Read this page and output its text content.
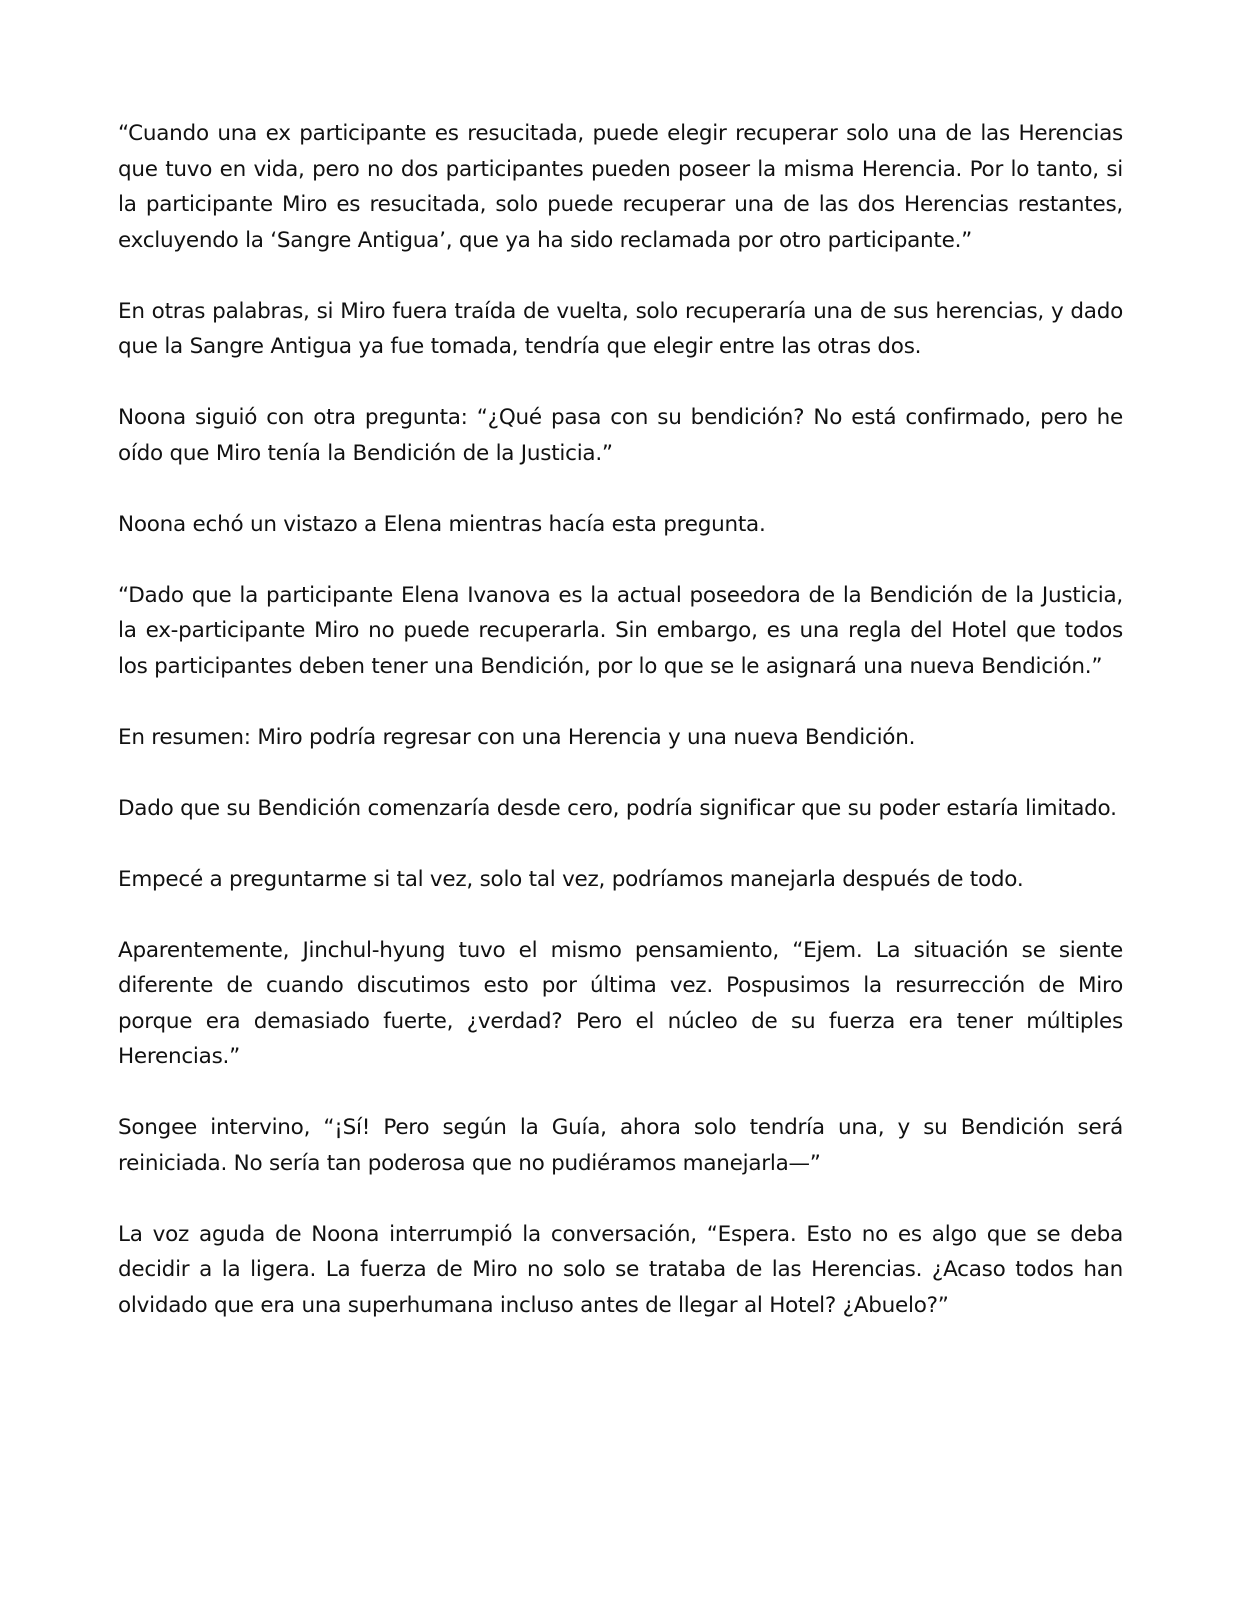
“Cuando una ex participante es resucitada, puede elegir recuperar solo una de las Herencias que tuvo en vida, pero no dos participantes pueden poseer la misma Herencia. Por lo tanto, si la participante Miro es resucitada, solo puede recuperar una de las dos Herencias restantes, excluyendo la ‘Sangre Antigua’, que ya ha sido reclamada por otro participante.”

En otras palabras, si Miro fuera traída de vuelta, solo recuperaría una de sus herencias, y dado que la Sangre Antigua ya fue tomada, tendría que elegir entre las otras dos.

Noona siguió con otra pregunta: “¿Qué pasa con su bendición? No está confirmado, pero he oído que Miro tenía la Bendición de la Justicia.”

Noona echó un vistazo a Elena mientras hacía esta pregunta.

“Dado que la participante Elena Ivanova es la actual poseedora de la Bendición de la Justicia, la ex-participante Miro no puede recuperarla. Sin embargo, es una regla del Hotel que todos los participantes deben tener una Bendición, por lo que se le asignará una nueva Bendición.”

En resumen: Miro podría regresar con una Herencia y una nueva Bendición.

Dado que su Bendición comenzaría desde cero, podría significar que su poder estaría limitado.

Empecé a preguntarme si tal vez, solo tal vez, podríamos manejarla después de todo.

Aparentemente, Jinchul-hyung tuvo el mismo pensamiento, “Ejem. La situación se siente diferente de cuando discutimos esto por última vez. Pospusimos la resurrección de Miro porque era demasiado fuerte, ¿verdad? Pero el núcleo de su fuerza era tener múltiples Herencias.”

Songee intervino, “¡Sí! Pero según la Guía, ahora solo tendría una, y su Bendición será reiniciada. No sería tan poderosa que no pudiéramos manejarla—”

La voz aguda de Noona interrumpió la conversación, “Espera. Esto no es algo que se deba decidir a la ligera. La fuerza de Miro no solo se trataba de las Herencias. ¿Acaso todos han olvidado que era una superhumana incluso antes de llegar al Hotel? ¿Abuelo?”
